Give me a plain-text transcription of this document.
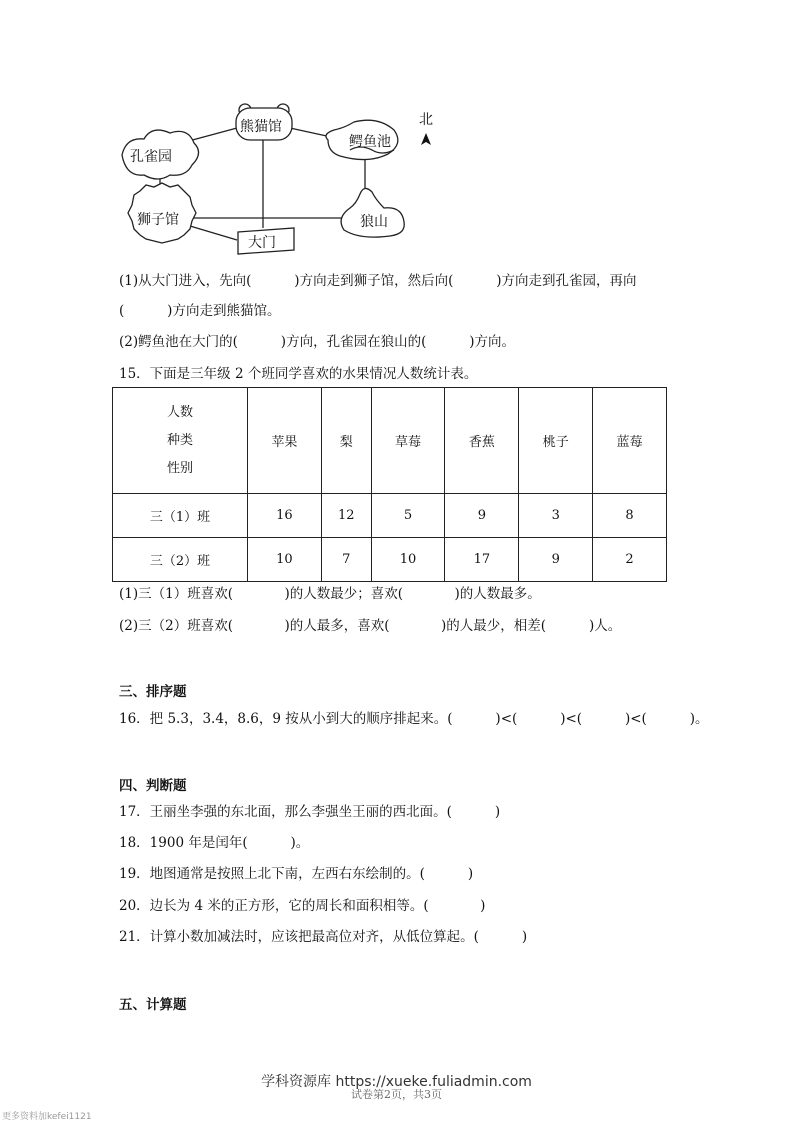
熊猫馆
孔雀园
鳄鱼池
狮子馆	狼山
大门
北
(1)从大门进入，先向(          )方向走到狮子馆，然后向(          )方向走到孔雀园，再向
(          )方向走到熊猫馆。
(2)鳄鱼池在大门的(          )方向，孔雀园在狼山的(          )方向。
15．下面是三年级 2 个班同学喜欢的水果情况人数统计表。
人数
种类
性别	苹果	梨	草莓	香蕉	桃子	蓝莓
三（1）班	16	12	5	9	3	8
三（2）班	10	7	10	17	9	2
(1)三（1）班喜欢(            )的人数最少；喜欢(            )的人数最多。
(2)三（2）班喜欢(            )的人最多，喜欢(            )的人最少，相差(          )人。
三、排序题
16．把 5.3，3.4，8.6，9 按从小到大的顺序排起来。(          )<(          )<(          )<(          )。
四、判断题
17．王丽坐李强的东北面，那么李强坐王丽的西北面。(          )
18．1900 年是闰年(          )。
19．地图通常是按照上北下南，左西右东绘制的。(          )
20．边长为 4 米的正方形，它的周长和面积相等。(            )
21．计算小数加减法时，应该把最高位对齐，从低位算起。(          )
五、计算题
学科资源库 https://xueke.fuliadmin.com
试卷第2页，共3页
更多资料加kefei1121
